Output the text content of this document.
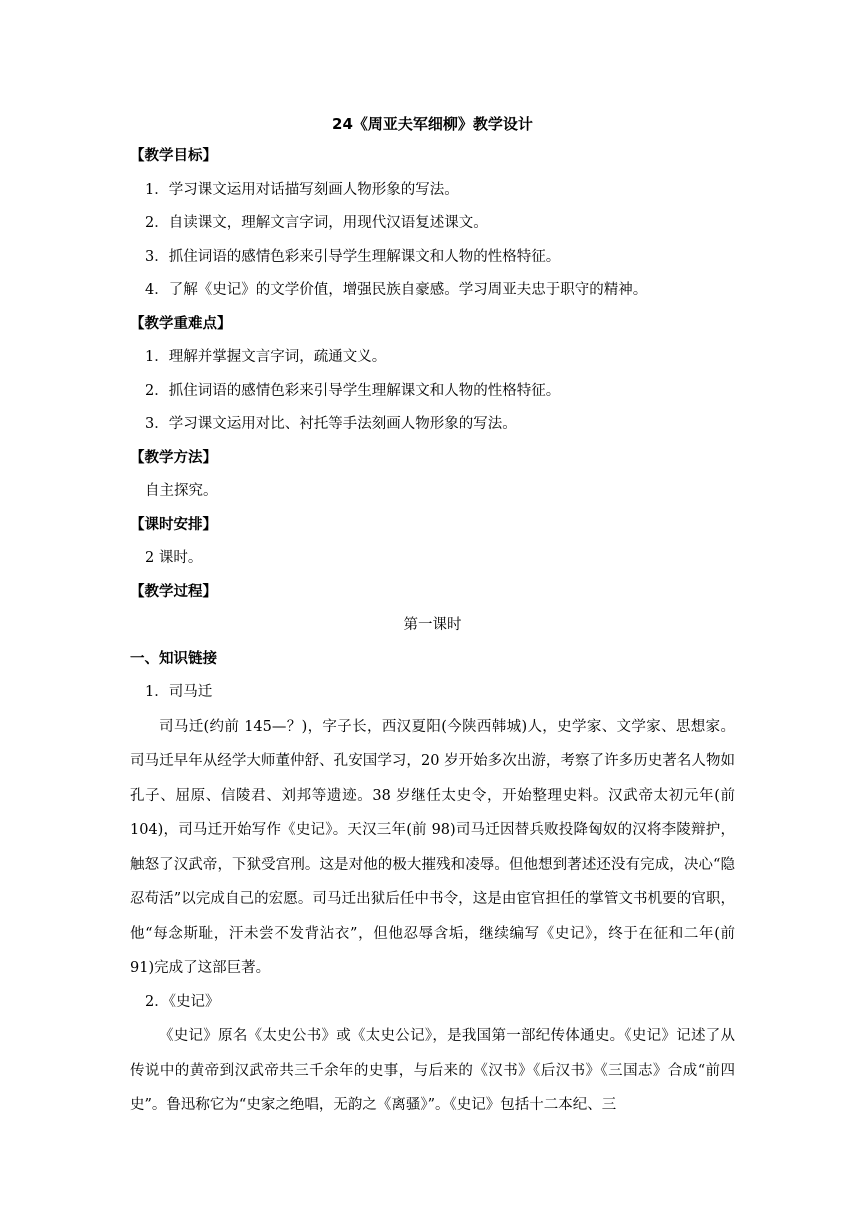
24《周亚夫军细柳》教学设计
【教学目标】
1．学习课文运用对话描写刻画人物形象的写法。
2．自读课文，理解文言字词，用现代汉语复述课文。
3．抓住词语的感情色彩来引导学生理解课文和人物的性格特征。
4．了解《史记》的文学价值，增强民族自豪感。学习周亚夫忠于职守的精神。
【教学重难点】
1．理解并掌握文言字词，疏通文义。
2．抓住词语的感情色彩来引导学生理解课文和人物的性格特征。
3．学习课文运用对比、衬托等手法刻画人物形象的写法。
【教学方法】
自主探究。
【课时安排】
2 课时。
【教学过程】
第一课时
一、知识链接
1．司马迁

司马迁(约前 145—？)，字子长，西汉夏阳(今陕西韩城)人，史学家、文学家、思想家。司马迁早年从经学大师董仲舒、孔安国学习，20 岁开始多次出游，考察了许多历史著名人物如孔子、屈原、信陵君、刘邦等遗迹。38 岁继任太史令，开始整理史料。汉武帝太初元年(前 104)，司马迁开始写作《史记》。天汉三年(前 98)司马迁因替兵败投降匈奴的汉将李陵辩护，触怒了汉武帝，下狱受宫刑。这是对他的极大摧残和凌辱。但他想到著述还没有完成，决心“隐忍苟活”以完成自己的宏愿。司马迁出狱后任中书令，这是由宦官担任的掌管文书机要的官职，他“每念斯耻，汗未尝不发背沾衣”，但他忍辱含垢，继续编写《史记》，终于在征和二年(前 91)完成了这部巨著。

2．《史记》

《史记》原名《太史公书》或《太史公记》，是我国第一部纪传体通史。《史记》记述了从传说中的黄帝到汉武帝共三千余年的史事，与后来的《汉书》《后汉书》《三国志》合成“前四史”。鲁迅称它为“史家之绝唱，无韵之《离骚》”。《史记》包括十二本纪、三
